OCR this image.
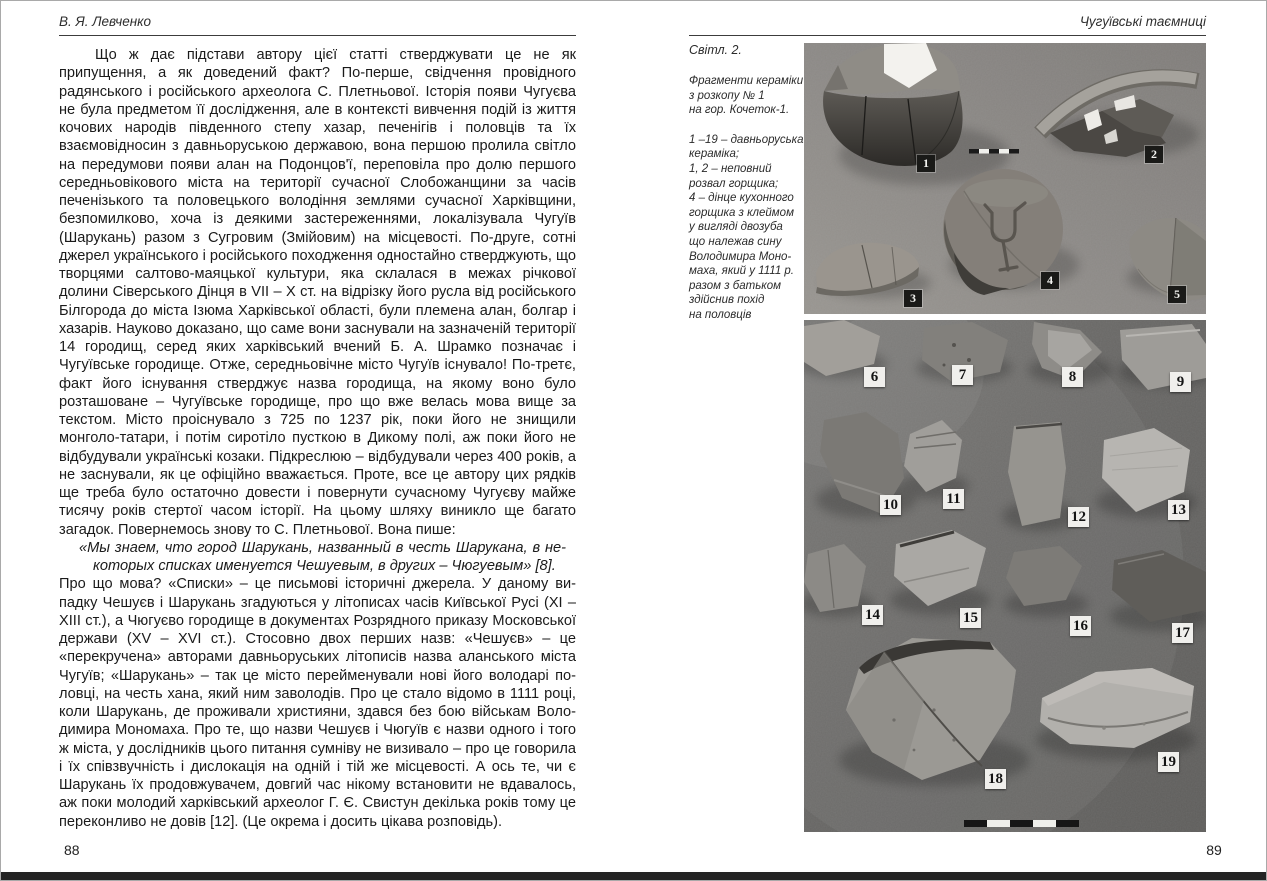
В. Я. Левченко	Чугуївські таємниці

Що ж дає підстави автору цієї статті стверджувати це не як припущення, а як доведений факт? По-перше, свідчення провідного радянського і російського археолога С. Плетньової. Історія появи Чугуєва не була предметом її дослідження, але в контексті вивчення подій із життя кочових народів південного степу хазар, печенігів і половців та їх взаємовідносин з давньоруською державою, вона першою пролила світло на передумови появи алан на Подонцов'ї, переповіла про долю першого середньовікового міста на території сучасної Слобожанщини за часів печенізького та половецького володіння землями сучасної Харківщини, безпомилково, хоча із деякими застереженнями, локалізувала Чугуїв (Шарукань) разом з Сугровим (Змійовим) на місцевості. По-друге, сотні джерел українського і російського походження одностайно стверджують, що творцями салтово-маяцької культури, яка склалася в межах річкової долини Сіверського Дінця в VII – X ст. на відрізку його русла від російського Білгорода до міста Ізюма Харківської області, були племена алан, болгар і хазарів. Науково доказано, що саме вони заснували на зазначеній території 14 городищ, серед яких харківський вчений Б. А. Шрамко позначає і Чугуївське городище. Отже, середньовічне місто Чугуїв існувало! По-третє, факт його існування стверджує назва городища, на якому воно було розташоване – Чугуївське городище, про що вже велась мова вище за текстом. Місто проіснувало з 725 по 1237 рік, поки його не знищили монголо-татари, і потім сиротіло пусткою в Дикому полі, аж поки його не відбудували українські козаки. Підкреслюю – відбудували через 400 років, а не заснували, як це офіційно вважається. Проте, все це автору цих рядків ще треба було остаточно довести і повернути сучасному Чугуєву майже тисячу років стертої часом історії. На цьому шляху виникло ще багато загадок. Повернемось знову то С. Плетньової. Вона пише:

«Мы знаем, что город Шарукань, названный в честь Шарукана, в некоторых списках именуется Чешуевым, в других – Чюгуевым» [8].

Про що мова? «Списки» – це письмові історичні джерела. У даному випадку Чешуєв і Шарукань згадуються у літописах часів Київської Русі (XI – XIII ст.), а Чюгуєво городище в документах Розрядного приказу Московської держави (XV – XVI ст.). Стосовно двох перших назв: «Чешуєв» – це «перекручена» авторами давньоруських літописів назва аланського міста Чугуїв; «Шарукань» – так це місто перейменували нові його володарі половці, на честь хана, який ним заволодів. Про це стало відомо в 1111 році, коли Шарукань, де проживали християни, здався без бою військам Володимира Мономаха. Про те, що назви Чешуєв і Чюгуїв є назви одного і того ж міста, у дослідників цього питання сумніву не визивало – про це говорила і їх співзвучність і дислокація на одній і тій же місцевості. А ось те, чи є Шарукань їх продовжувачем, довгий час нікому встановити не вдавалось, аж поки молодий харківський археолог Г. Є. Свистун декілька років тому це переконливо не довів [12]. (Це окрема і досить цікава розповідь).

Світл. 2.
Фрагменти кераміки
з розкопу № 1
на гор. Кочеток-1.
1 –19 – давньоруська
кераміка;
1, 2 – неповний
розвал горщика;
4 – дінце кухонного
горщика з клеймом
у вигляді двозуба
що належав сину
Володимира Моно-
маха, який у 1111 р.
разом з батьком
здійснив похід
на половців
1
2
3
4
5
6	7	8	9
10	11
12	13
14	15	16	17
18
19
88	89
